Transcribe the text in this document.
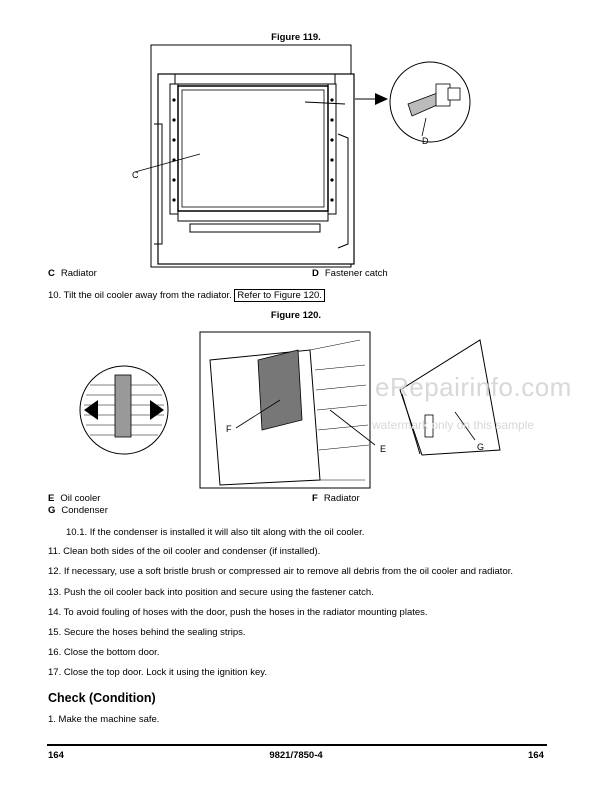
Figure 119.
C
D
C Radiator	D Fastener catch
10. Tilt the oil cooler away from the radiator. Refer to Figure 120.
Figure 120.
F
E	G
eRepairinfo.com
watermark only on this sample
E Oil cooler	F Radiator
G Condenser
10.1. If the condenser is installed it will also tilt along with the oil cooler.
11. Clean both sides of the oil cooler and condenser (if installed).
12. If necessary, use a soft bristle brush or compressed air to remove all debris from the oil cooler and radiator.
13. Push the oil cooler back into position and secure using the fastener catch.
14. To avoid fouling of hoses with the door, push the hoses in the radiator mounting plates.
15. Secure the hoses behind the sealing strips.
16. Close the bottom door.
17. Close the top door. Lock it using the ignition key.
Check (Condition)
1. Make the machine safe.
164	9821/7850-4	164
